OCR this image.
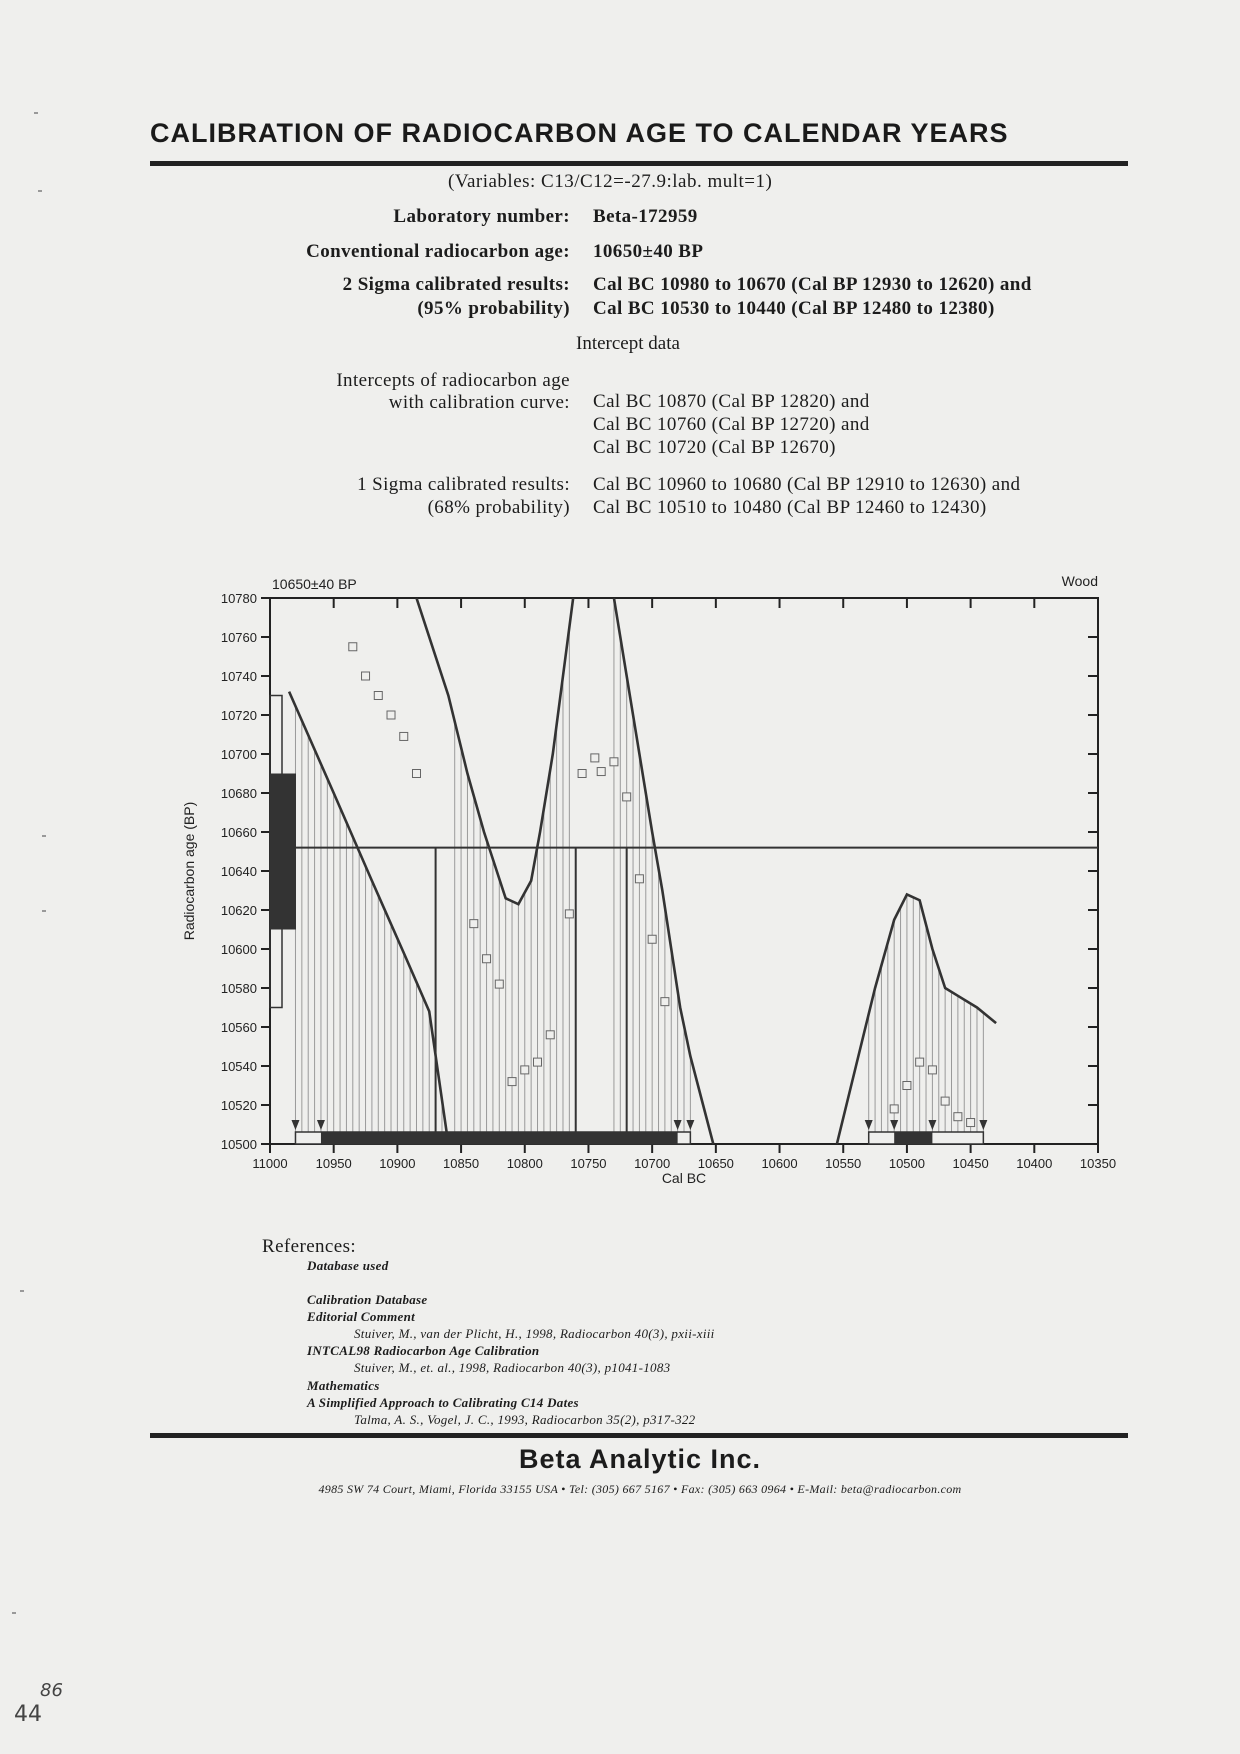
CALIBRATION OF RADIOCARBON AGE TO CALENDAR YEARS
(Variables: C13/C12=-27.9:lab. mult=1)
Laboratory number: Beta-172959
Conventional radiocarbon age: 10650±40 BP
2 Sigma calibrated results:
(95% probability)
Cal BC 10980 to 10670 (Cal BP 12930 to 12620) and
Cal BC 10530 to 10440 (Cal BP 12480 to 12380)
Intercept data
Intercepts of radiocarbon age
with calibration curve: Cal BC 10870 (Cal BP 12820) and
Cal BC 10760 (Cal BP 12720) and
Cal BC 10720 (Cal BP 12670)
1 Sigma calibrated results:
(68% probability)
Cal BC 10960 to 10680 (Cal BP 12910 to 12630) and
Cal BC 10510 to 10480 (Cal BP 12460 to 12430)
10500
10520
10540
10560
10580
10600
10620
10640
10660
10680
10700
10720
10740
10760
10780
11000 10950 10900 10850 10800 10750 10700 10650 10600 10550 10500 10450 10400 10350
10650±40 BP	Wood
Cal BC
Radiocarbon age (BP)
References:
Database used
Calibration Database
Editorial Comment
Stuiver, M., van der Plicht, H., 1998, Radiocarbon 40(3), pxii-xiii
INTCAL98 Radiocarbon Age Calibration
Stuiver, M., et. al., 1998, Radiocarbon 40(3), p1041-1083
Mathematics
A Simplified Approach to Calibrating C14 Dates
Talma, A. S., Vogel, J. C., 1993, Radiocarbon 35(2), p317-322
Beta Analytic Inc.
4985 SW 74 Court, Miami, Florida 33155 USA • Tel: (305) 667 5167 • Fax: (305) 663 0964 • E-Mail: beta@radiocarbon.com
86
44
